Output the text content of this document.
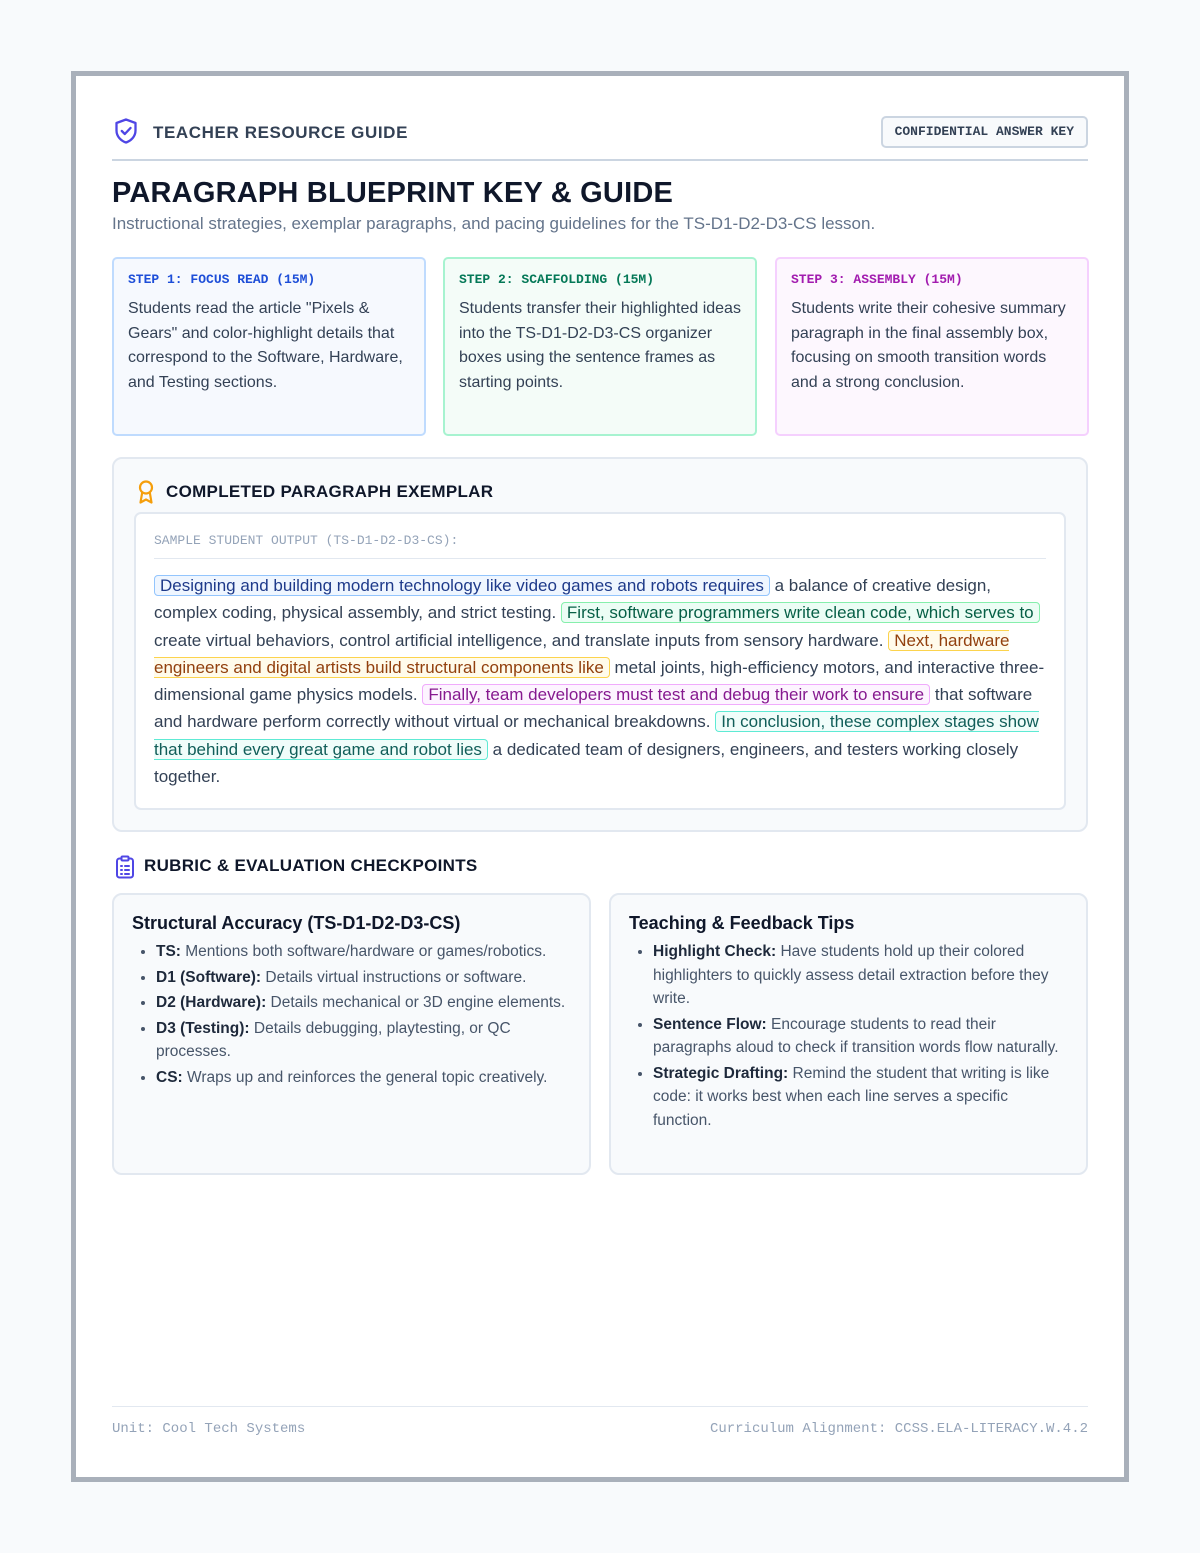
TEACHER RESOURCE GUIDE	CONFIDENTIAL ANSWER KEY
PARAGRAPH BLUEPRINT KEY & GUIDE
Instructional strategies, exemplar paragraphs, and pacing guidelines for the TS-D1-D2-D3-CS lesson.
STEP 1: FOCUS READ (15M)
Students read the article "Pixels & Gears" and color-highlight details that correspond to the Software, Hardware, and Testing sections.
STEP 2: SCAFFOLDING (15M)
Students transfer their highlighted ideas into the TS-D1-D2-D3-CS organizer boxes using the sentence frames as starting points.
STEP 3: ASSEMBLY (15M)
Students write their cohesive summary paragraph in the final assembly box, focusing on smooth transition words and a strong conclusion.
COMPLETED PARAGRAPH EXEMPLAR
SAMPLE STUDENT OUTPUT (TS-D1-D2-D3-CS):
Designing and building modern technology like video games and robots requires a balance of creative design, complex coding, physical assembly, and strict testing. First, software programmers write clean code, which serves to create virtual behaviors, control artificial intelligence, and translate inputs from sensory hardware. Next, hardware engineers and digital artists build structural components like metal joints, high-efficiency motors, and interactive three-dimensional game physics models. Finally, team developers must test and debug their work to ensure that software and hardware perform correctly without virtual or mechanical breakdowns. In conclusion, these complex stages show that behind every great game and robot lies a dedicated team of designers, engineers, and testers working closely together.
RUBRIC & EVALUATION CHECKPOINTS
Structural Accuracy (TS-D1-D2-D3-CS)
• TS: Mentions both software/hardware or games/robotics.
• D1 (Software): Details virtual instructions or software.
• D2 (Hardware): Details mechanical or 3D engine elements.
• D3 (Testing): Details debugging, playtesting, or QC processes.
• CS: Wraps up and reinforces the general topic creatively.
Teaching & Feedback Tips
• Highlight Check: Have students hold up their colored highlighters to quickly assess detail extraction before they write.
• Sentence Flow: Encourage students to read their paragraphs aloud to check if transition words flow naturally.
• Strategic Drafting: Remind the student that writing is like code: it works best when each line serves a specific function.
Unit: Cool Tech Systems	Curriculum Alignment: CCSS.ELA-LITERACY.W.4.2
